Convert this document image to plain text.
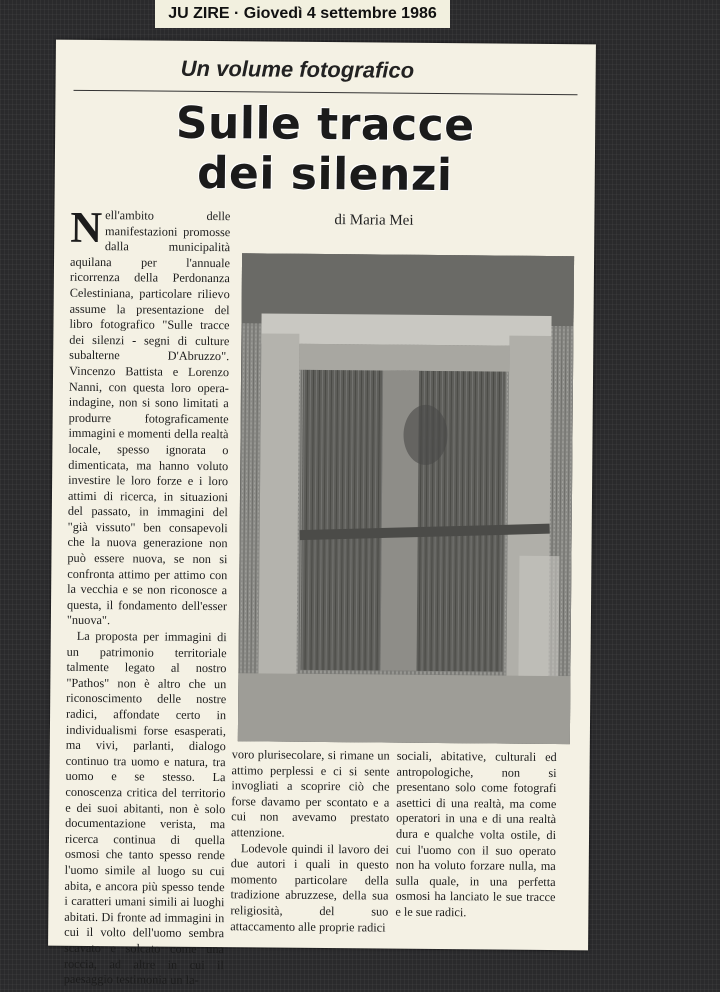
JU ZIRE · Giovedì 4 settembre 1986
Un volume fotografico
Sulle tracce
dei silenzi
di Maria Mei

Nell'ambito delle manifestazioni promosse dalla municipalità aquilana per l'annuale ricorrenza della Perdonanza Celestiniana, particolare rilievo assume la presentazione del libro fotografico "Sulle tracce dei silenzi - segni di culture subalterne D'Abruzzo". Vincenzo Battista e Lorenzo Nanni, con questa loro opera-indagine, non si sono limitati a produrre fotograficamente immagini e momenti della realtà locale, spesso ignorata o dimenticata, ma hanno voluto investire le loro forze e i loro attimi di ricerca, in situazioni del passato, in immagini del "già vissuto" ben consapevoli che la nuova generazione non può essere nuova, se non si confronta attimo per attimo con la vecchia e se non riconosce a questa, il fondamento dell'esser "nuova".

La proposta per immagini di un patrimonio territoriale talmente legato al nostro "Pathos" non è altro che un riconoscimento delle nostre radici, affondate certo in individualismi forse esasperati, ma vivi, parlanti, dialogo continuo tra uomo e natura, tra uomo e se stesso. La conoscenza critica del territorio e dei suoi abitanti, non è solo documentazione verista, ma ricerca continua di quella osmosi che tanto spesso rende l'uomo simile al luogo su cui abita, e ancora più spesso tende i caratteri umani simili ai luoghi abitati. Di fronte ad immagini in cui il volto dell'uomo sembra scavato e solcato come una roccia, ad altre in cui il paesaggio testimonia un la-

voro plurisecolare, si rimane un attimo perplessi e ci si sente invogliati a scoprire ciò che forse davamo per scontato e a cui non avevamo prestato attenzione.

Lodevole quindi il lavoro dei due autori i quali in questo momento particolare della tradizione abruzzese, della sua religiosità, del suo attaccamento alle proprie radici

sociali, abitative, culturali ed antropologiche, non si presentano solo come fotografi asettici di una realtà, ma come operatori in una e di una realtà dura e qualche volta ostile, di cui l'uomo con il suo operato non ha voluto forzare nulla, ma sulla quale, in una perfetta osmosi ha lanciato le sue tracce e le sue radici.
